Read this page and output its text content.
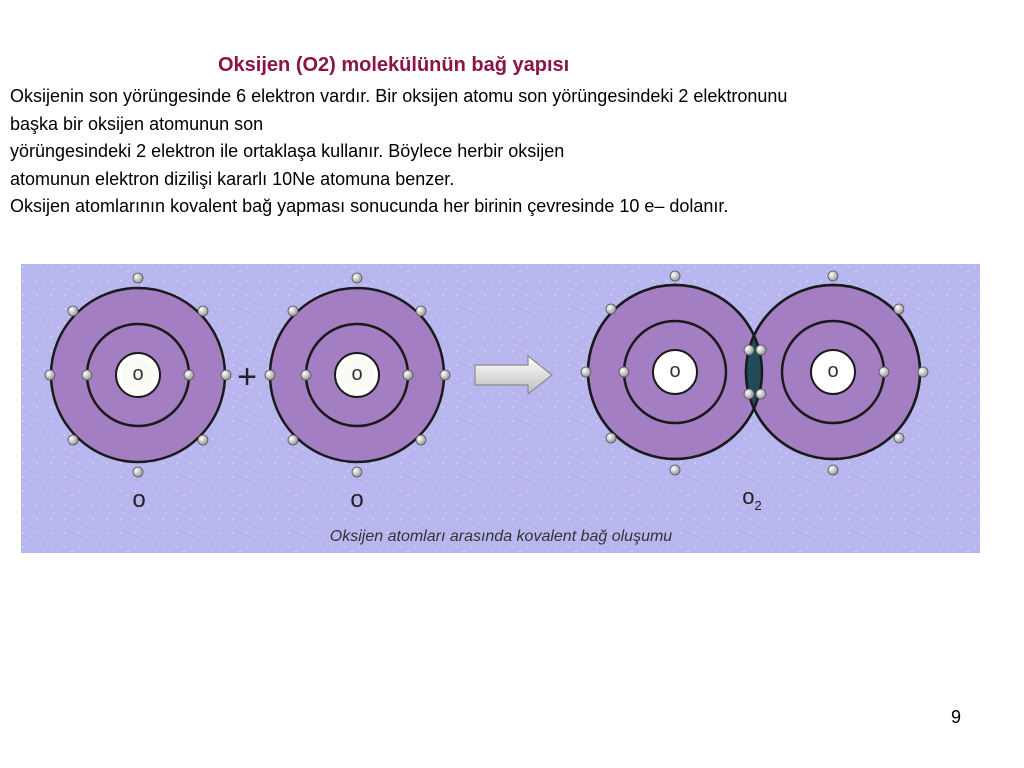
Oksijen (O2) molekülünün bağ yapısı
Oksijenin son yörüngesinde 6 elektron vardır. Bir oksijen atomu son yörüngesindeki 2 elektronunu
başka bir oksijen atomunun son
yörüngesindeki 2 elektron ile ortaklaşa kullanır. Böylece herbir oksijen
atomunun elektron dizilişi kararlı 10Ne atomuna benzer.
Oksijen atomlarının kovalent bağ yapması sonucunda her birinin çevresinde 10 e– dolanır.
o	+	o	o	o
o	o	$o_2$
Oksijen atomları arasında kovalent bağ oluşumu
9
